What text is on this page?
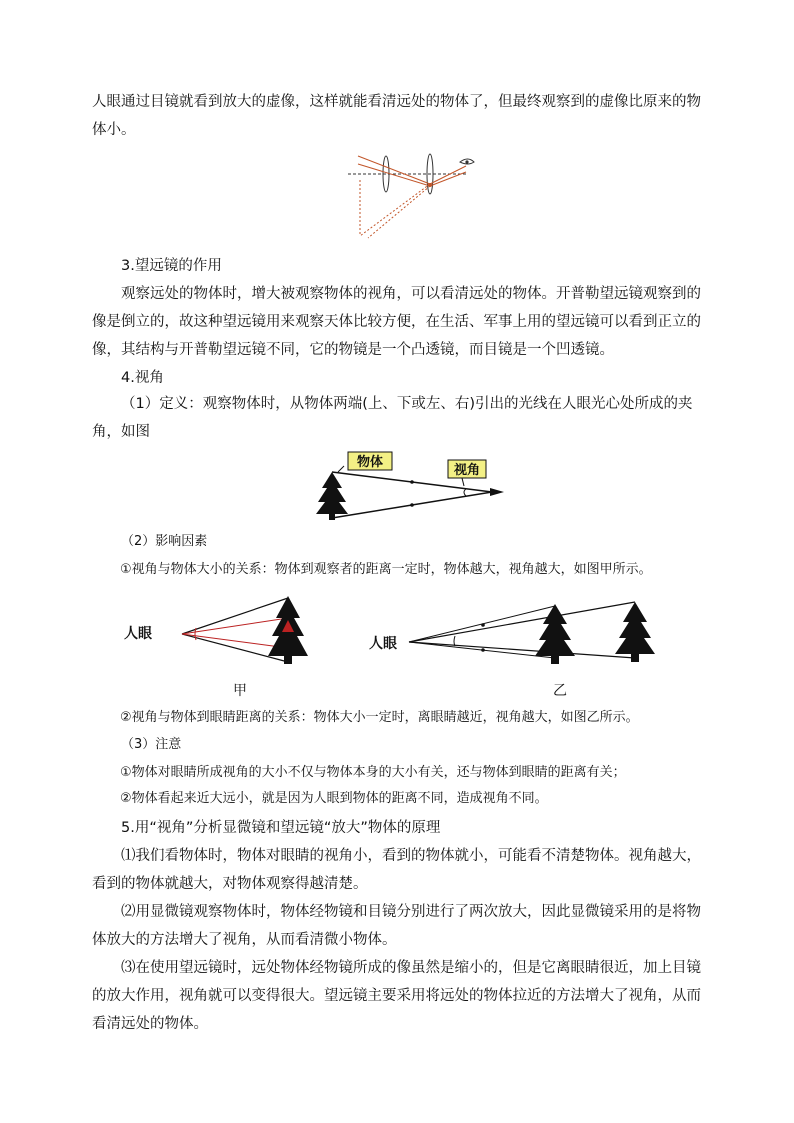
人眼通过目镜就看到放大的虚像，这样就能看清远处的物体了，但最终观察到的虚像比原来的物体小。

3.望远镜的作用

观察远处的物体时，增大被观察物体的视角，可以看清远处的物体。开普勒望远镜观察到的像是倒立的，故这种望远镜用来观察天体比较方便，在生活、军事上用的望远镜可以看到正立的像，其结构与开普勒望远镜不同，它的物镜是一个凸透镜，而目镜是一个凹透镜。

4.视角

（1）定义：观察物体时，从物体两端(上、下或左、右)引出的光线在人眼光心处所成的夹角，如图

物体
视角

（2）影响因素

①视角与物体大小的关系：物体到观察者的距离一定时，物体越大，视角越大，如图甲所示。

人眼

甲

人眼

乙

②视角与物体到眼睛距离的关系：物体大小一定时，离眼睛越近，视角越大，如图乙所示。

（3）注意

①物体对眼睛所成视角的大小不仅与物体本身的大小有关，还与物体到眼睛的距离有关；

②物体看起来近大远小，就是因为人眼到物体的距离不同，造成视角不同。

5.用“视角”分析显微镜和望远镜“放大”物体的原理

⑴我们看物体时，物体对眼睛的视角小，看到的物体就小，可能看不清楚物体。视角越大，看到的物体就越大，对物体观察得越清楚。

⑵用显微镜观察物体时，物体经物镜和目镜分别进行了两次放大，因此显微镜采用的是将物体放大的方法增大了视角，从而看清微小物体。

⑶在使用望远镜时，远处物体经物镜所成的像虽然是缩小的，但是它离眼睛很近，加上目镜的放大作用，视角就可以变得很大。望远镜主要采用将远处的物体拉近的方法增大了视角，从而看清远处的物体。
